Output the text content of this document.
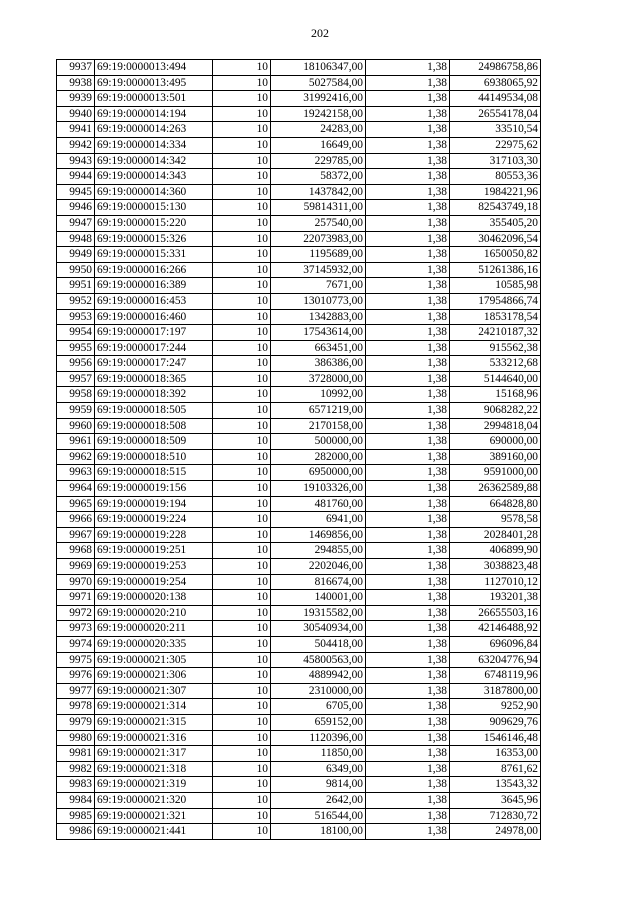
202
9937	69:19:0000013:494	10	18106347,00	1,38	24986758,86
9938	69:19:0000013:495	10	5027584,00	1,38	6938065,92
9939	69:19:0000013:501	10	31992416,00	1,38	44149534,08
9940	69:19:0000014:194	10	19242158,00	1,38	26554178,04
9941	69:19:0000014:263	10	24283,00	1,38	33510,54
9942	69:19:0000014:334	10	16649,00	1,38	22975,62
9943	69:19:0000014:342	10	229785,00	1,38	317103,30
9944	69:19:0000014:343	10	58372,00	1,38	80553,36
9945	69:19:0000014:360	10	1437842,00	1,38	1984221,96
9946	69:19:0000015:130	10	59814311,00	1,38	82543749,18
9947	69:19:0000015:220	10	257540,00	1,38	355405,20
9948	69:19:0000015:326	10	22073983,00	1,38	30462096,54
9949	69:19:0000015:331	10	1195689,00	1,38	1650050,82
9950	69:19:0000016:266	10	37145932,00	1,38	51261386,16
9951	69:19:0000016:389	10	7671,00	1,38	10585,98
9952	69:19:0000016:453	10	13010773,00	1,38	17954866,74
9953	69:19:0000016:460	10	1342883,00	1,38	1853178,54
9954	69:19:0000017:197	10	17543614,00	1,38	24210187,32
9955	69:19:0000017:244	10	663451,00	1,38	915562,38
9956	69:19:0000017:247	10	386386,00	1,38	533212,68
9957	69:19:0000018:365	10	3728000,00	1,38	5144640,00
9958	69:19:0000018:392	10	10992,00	1,38	15168,96
9959	69:19:0000018:505	10	6571219,00	1,38	9068282,22
9960	69:19:0000018:508	10	2170158,00	1,38	2994818,04
9961	69:19:0000018:509	10	500000,00	1,38	690000,00
9962	69:19:0000018:510	10	282000,00	1,38	389160,00
9963	69:19:0000018:515	10	6950000,00	1,38	9591000,00
9964	69:19:0000019:156	10	19103326,00	1,38	26362589,88
9965	69:19:0000019:194	10	481760,00	1,38	664828,80
9966	69:19:0000019:224	10	6941,00	1,38	9578,58
9967	69:19:0000019:228	10	1469856,00	1,38	2028401,28
9968	69:19:0000019:251	10	294855,00	1,38	406899,90
9969	69:19:0000019:253	10	2202046,00	1,38	3038823,48
9970	69:19:0000019:254	10	816674,00	1,38	1127010,12
9971	69:19:0000020:138	10	140001,00	1,38	193201,38
9972	69:19:0000020:210	10	19315582,00	1,38	26655503,16
9973	69:19:0000020:211	10	30540934,00	1,38	42146488,92
9974	69:19:0000020:335	10	504418,00	1,38	696096,84
9975	69:19:0000021:305	10	45800563,00	1,38	63204776,94
9976	69:19:0000021:306	10	4889942,00	1,38	6748119,96
9977	69:19:0000021:307	10	2310000,00	1,38	3187800,00
9978	69:19:0000021:314	10	6705,00	1,38	9252,90
9979	69:19:0000021:315	10	659152,00	1,38	909629,76
9980	69:19:0000021:316	10	1120396,00	1,38	1546146,48
9981	69:19:0000021:317	10	11850,00	1,38	16353,00
9982	69:19:0000021:318	10	6349,00	1,38	8761,62
9983	69:19:0000021:319	10	9814,00	1,38	13543,32
9984	69:19:0000021:320	10	2642,00	1,38	3645,96
9985	69:19:0000021:321	10	516544,00	1,38	712830,72
9986	69:19:0000021:441	10	18100,00	1,38	24978,00
